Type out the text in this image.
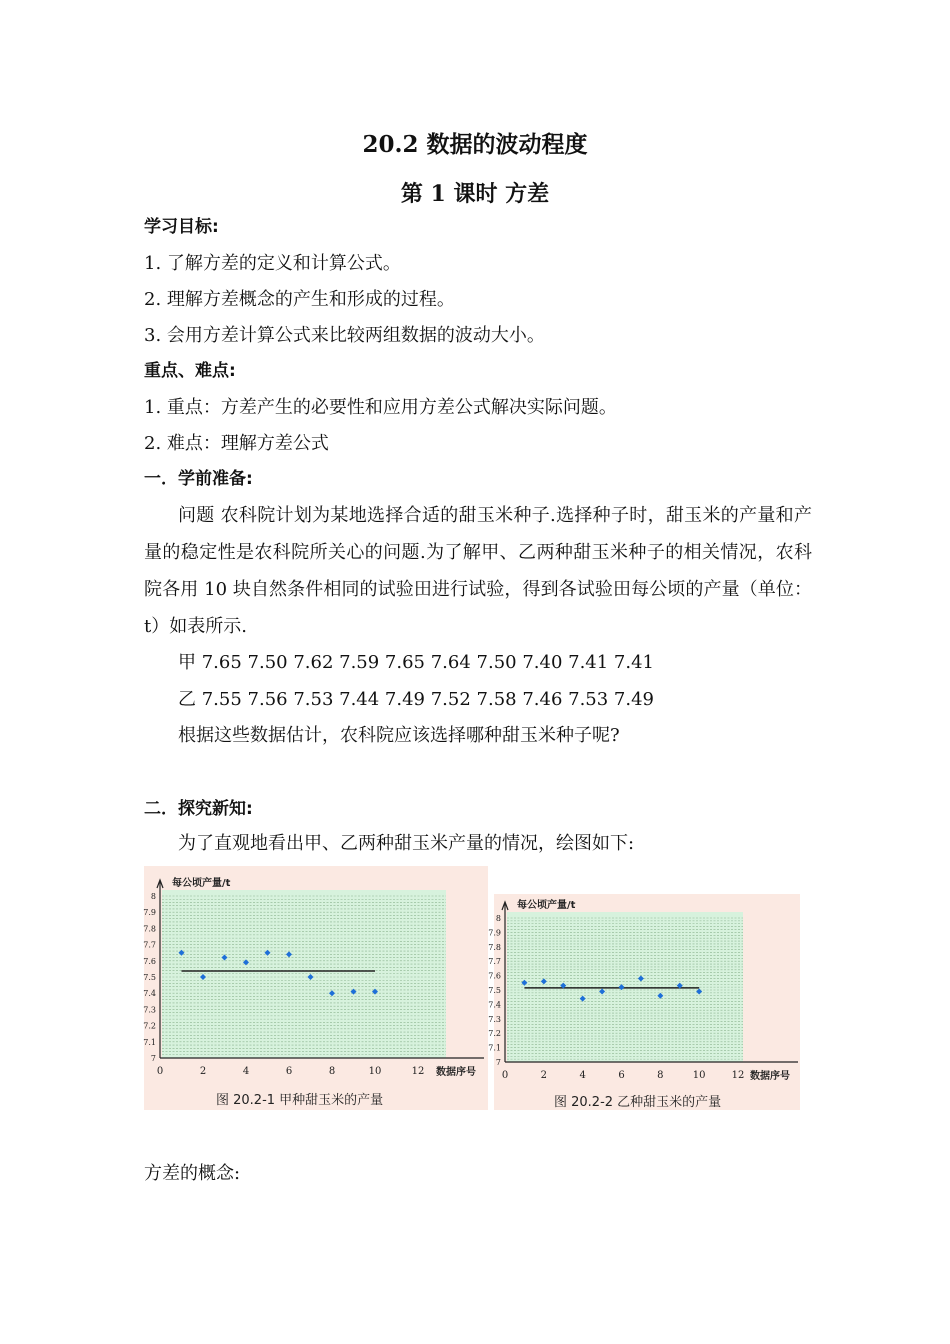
20.2 数据的波动程度
第 1 课时 方差
学习目标:
1. 了解方差的定义和计算公式。
2. 理解方差概念的产生和形成的过程。
3. 会用方差计算公式来比较两组数据的波动大小。
重点、难点:
1. 重点：方差产生的必要性和应用方差公式解决实际问题。
2. 难点：理解方差公式
一．学前准备:
问题 农科院计划为某地选择合适的甜玉米种子.选择种子时，甜玉米的产量和产量的稳定性是农科院所关心的问题.为了解甲、乙两种甜玉米种子的相关情况，农科院各用 10 块自然条件相同的试验田进行试验，得到各试验田每公顷的产量（单位：t）如表所示.
甲 7.65 7.50 7.62 7.59 7.65 7.64 7.50 7.40 7.41 7.41
乙 7.55 7.56 7.53 7.44 7.49 7.52 7.58 7.46 7.53 7.49
根据这些数据估计，农科院应该选择哪种甜玉米种子呢?
二．探究新知:
为了直观地看出甲、乙两种甜玉米产量的情况，绘图如下:
7
7.1
7.2
7.3
7.4
7.5
7.6
7.7
7.8
7.9
8
0	2	4	6	8	10	12
每公顷产量/t
数据序号
图 20.2-1 甲种甜玉米的产量
7
7.1
7.2
7.3
7.4
7.5
7.6
7.7
7.8
7.9
8
0	2	4	6	8	10	12
每公顷产量/t
数据序号
图 20.2-2 乙种甜玉米的产量
方差的概念:
